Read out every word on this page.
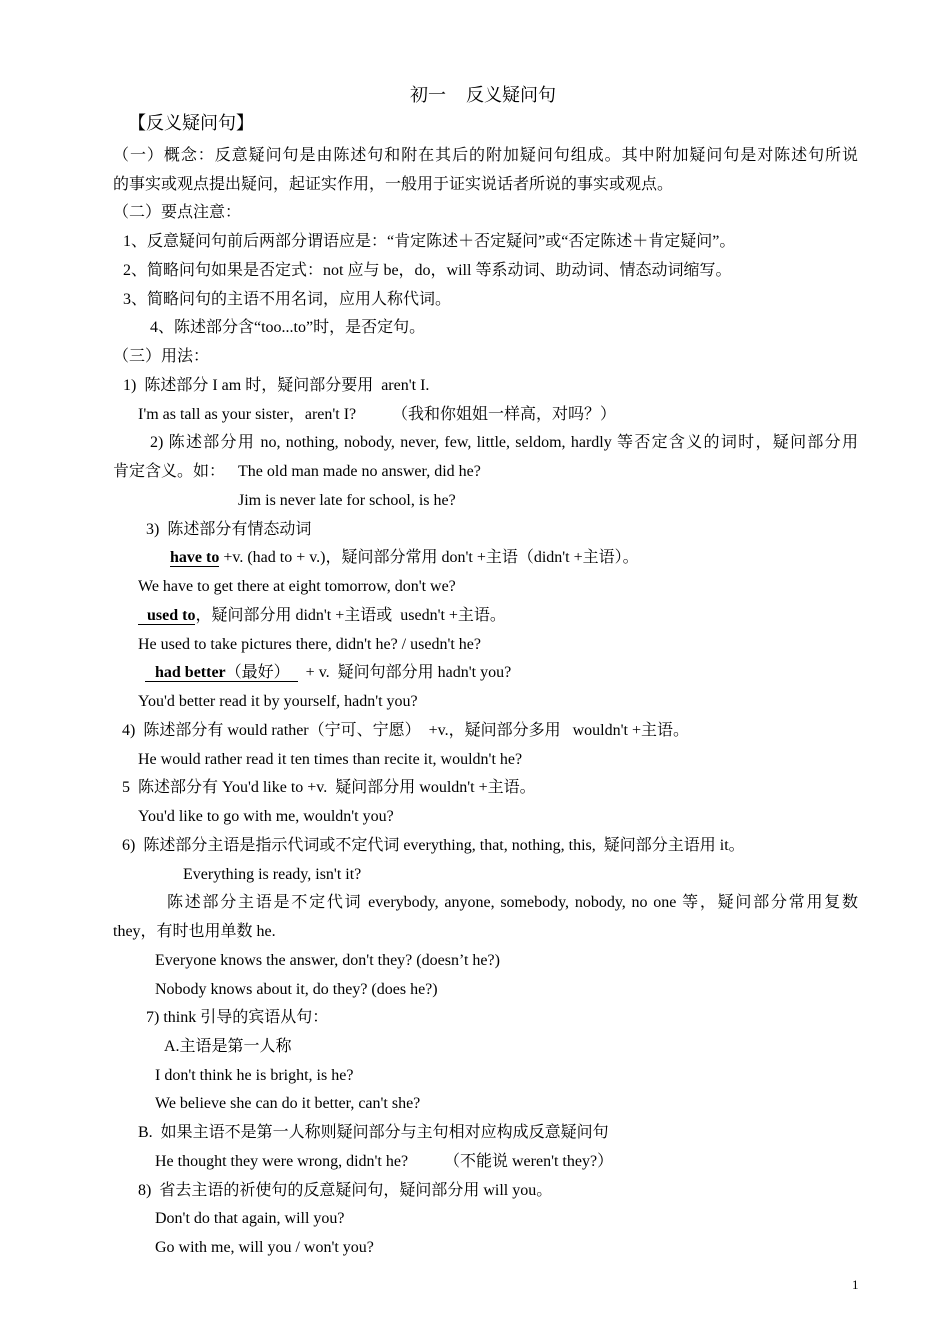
初一 反义疑问句
【反义疑问句】
（一）概念：反意疑问句是由陈述句和附在其后的附加疑问句组成。其中附加疑问句是对陈述句所说
的事实或观点提出疑问，起证实作用，一般用于证实说话者所说的事实或观点。
（二）要点注意：
1、反意疑问句前后两部分谓语应是：“肯定陈述＋否定疑问”或“否定陈述＋肯定疑问”。
2、简略问句如果是否定式：not 应与 be，do，will 等系动词、助动词、情态动词缩写。
3、简略问句的主语不用名词，应用人称代词。
4、陈述部分含“too...to”时，是否定句。
（三）用法：
1)  陈述部分 I am 时，疑问部分要用  aren't I.
I'm as tall as your sister，aren't I? （我和你姐姐一样高，对吗？）
2) 陈述部分用 no, nothing, nobody, never, few, little, seldom, hardly 等否定含义的词时，疑问部分用
肯定含义。如： The old man made no answer, did he?
Jim is never late for school, is he?
3)  陈述部分有情态动词
have to +v. (had to + v.)，疑问部分常用 don't +主语（didn't +主语）。
We have to get there at eight tomorrow, don't we?
used to，疑问部分用 didn't +主语或  usedn't +主语。
He used to take pictures there, didn't he? / usedn't he?
had better（最好） + v.  疑问句部分用 hadn't you?
You'd better read it by yourself, hadn't you?
4)  陈述部分有 would rather（宁可、宁愿）  +v.，疑问部分多用   wouldn't +主语。
He would rather read it ten times than recite it, wouldn't he?
5  陈述部分有 You'd like to +v.  疑问部分用 wouldn't +主语。
You'd like to go with me, wouldn't you?
6)  陈述部分主语是指示代词或不定代词 everything, that, nothing, this,  疑问部分主语用 it。
Everything is ready, isn't it?
陈述部分主语是不定代词 everybody, anyone, somebody, nobody, no one 等，疑问部分常用复数
they，有时也用单数 he.
Everyone knows the answer, don't they? (doesn’t he?)
Nobody knows about it, do they? (does he?)
7) think 引导的宾语从句：
A.主语是第一人称
I don't think he is bright, is he?
We believe she can do it better, can't she?
B.  如果主语不是第一人称则疑问部分与主句相对应构成反意疑问句
He thought they were wrong, didn't he? （不能说 weren't they?）
8)  省去主语的祈使句的反意疑问句，疑问部分用 will you。
Don't do that again, will you?
Go with me, will you / won't you?
1
